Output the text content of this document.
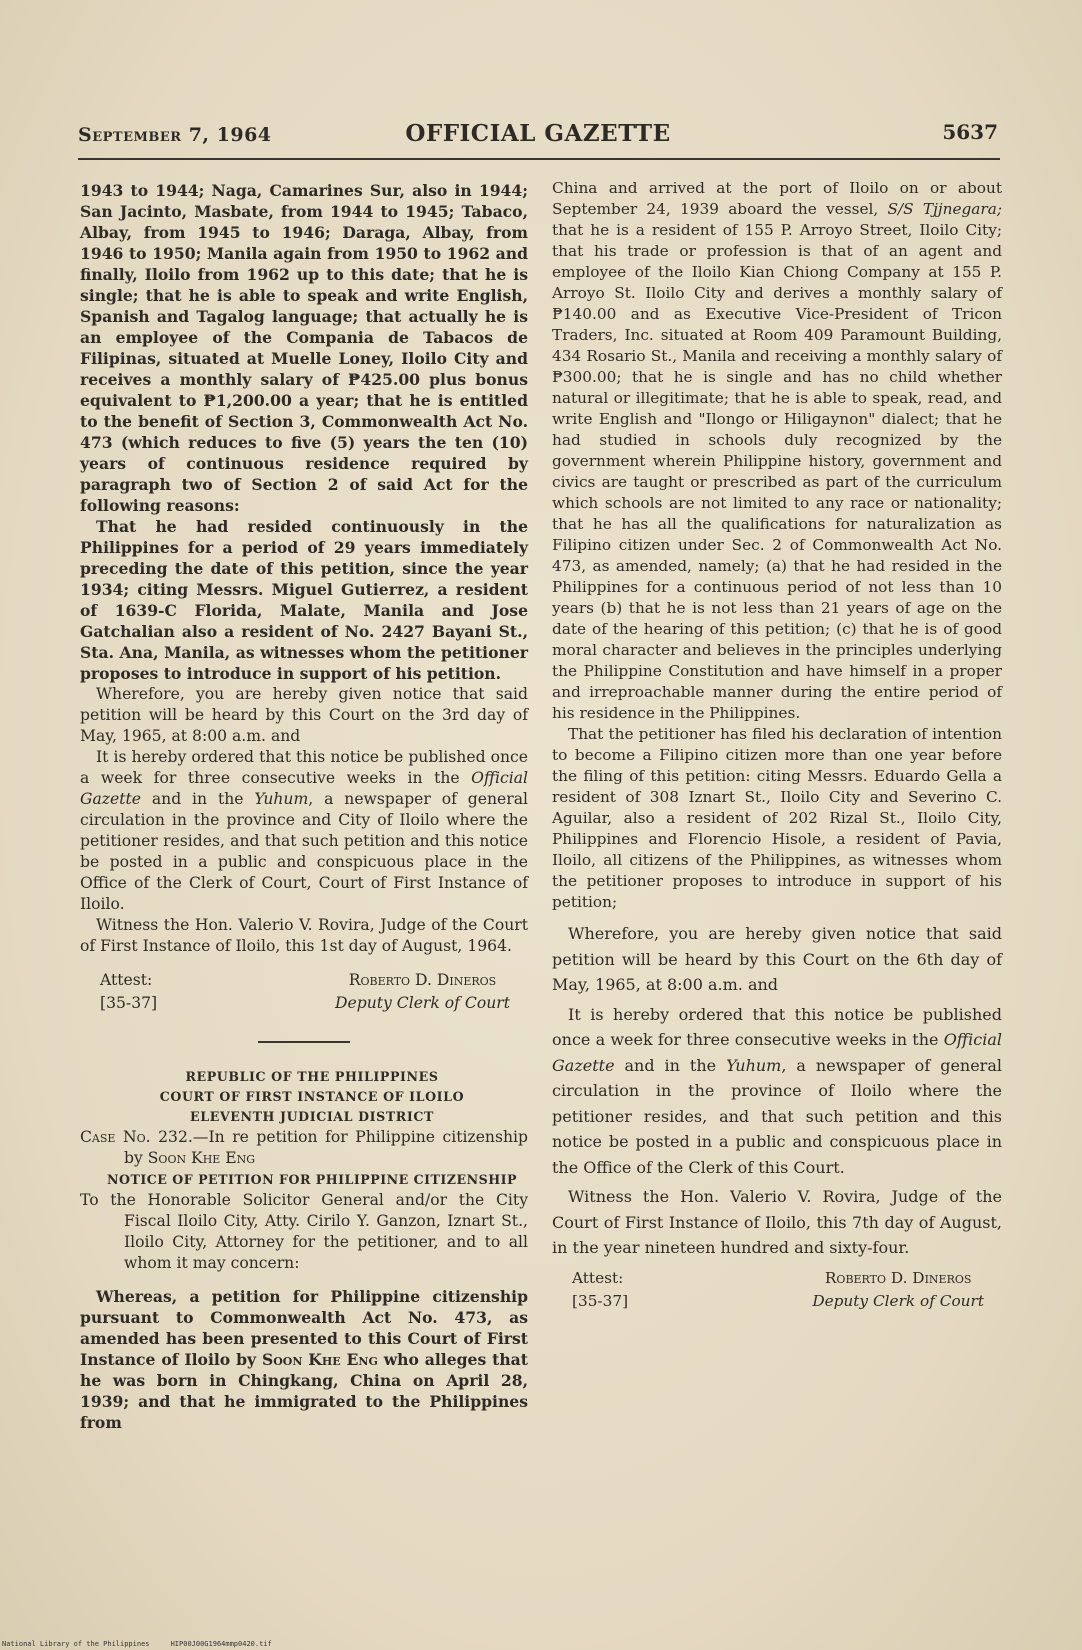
September 7, 1964	OFFICIAL GAZETTE	5637

1943 to 1944; Naga, Camarines Sur, also in 1944; San Jacinto, Masbate, from 1944 to 1945; Tabaco, Albay, from 1945 to 1946; Daraga, Albay, from 1946 to 1950; Manila again from 1950 to 1962 and finally, Iloilo from 1962 up to this date; that he is single; that he is able to speak and write English, Spanish and Tagalog language; that actually he is an employee of the Compania de Tabacos de Filipinas, situated at Muelle Loney, Iloilo City and receives a monthly salary of ₱425.00 plus bonus equivalent to ₱1,200.00 a year; that he is entitled to the benefit of Section 3, Commonwealth Act No. 473 (which reduces to five (5) years the ten (10) years of continuous residence required by paragraph two of Section 2 of said Act for the following reasons:

That he had resided continuously in the Philippines for a period of 29 years immediately preceding the date of this petition, since the year 1934; citing Messrs. Miguel Gutierrez, a resident of 1639-C Florida, Malate, Manila and Jose Gatchalian also a resident of No. 2427 Bayani St., Sta. Ana, Manila, as witnesses whom the petitioner proposes to introduce in support of his petition.

Wherefore, you are hereby given notice that said petition will be heard by this Court on the 3rd day of May, 1965, at 8:00 a.m. and

It is hereby ordered that this notice be published once a week for three consecutive weeks in the Official Gazette and in the Yuhum, a newspaper of general circulation in the province and City of Iloilo where the petitioner resides, and that such petition and this notice be posted in a public and conspicuous place in the Office of the Clerk of Court, Court of First Instance of Iloilo.

Witness the Hon. Valerio V. Rovira, Judge of the Court of First Instance of Iloilo, this 1st day of August, 1964.

Attest:
[35-37]
Roberto D. Dineros
Deputy Clerk of Court

REPUBLIC OF THE PHILIPPINES

COURT OF FIRST INSTANCE OF ILOILO

ELEVENTH JUDICIAL DISTRICT

Case No. 232.—In re petition for Philippine citizenship by Soon Khe Eng

NOTICE OF PETITION FOR PHILIPPINE CITIZENSHIP

To the Honorable Solicitor General and/or the City Fiscal Iloilo City, Atty. Cirilo Y. Ganzon, Iznart St., Iloilo City, Attorney for the petitioner, and to all whom it may concern:

Whereas, a petition for Philippine citizenship pursuant to Commonwealth Act No. 473, as amended has been presented to this Court of First Instance of Iloilo by Soon Khe Eng who alleges that he was born in Chingkang, China on April 28, 1939; and that he immigrated to the Philippines from

China and arrived at the port of Iloilo on or about September 24, 1939 aboard the vessel, S/S Tjjnegara; that he is a resident of 155 P. Arroyo Street, Iloilo City; that his trade or profession is that of an agent and employee of the Iloilo Kian Chiong Company at 155 P. Arroyo St. Iloilo City and derives a monthly salary of ₱140.00 and as Executive Vice-President of Tricon Traders, Inc. situated at Room 409 Paramount Building, 434 Rosario St., Manila and receiving a monthly salary of ₱300.00; that he is single and has no child whether natural or illegitimate; that he is able to speak, read, and write English and "Ilongo or Hiligaynon" dialect; that he had studied in schools duly recognized by the government wherein Philippine history, government and civics are taught or prescribed as part of the curriculum which schools are not limited to any race or nationality; that he has all the qualifications for naturalization as Filipino citizen under Sec. 2 of Commonwealth Act No. 473, as amended, namely; (a) that he had resided in the Philippines for a continuous period of not less than 10 years (b) that he is not less than 21 years of age on the date of the hearing of this petition; (c) that he is of good moral character and believes in the principles underlying the Philippine Constitution and have himself in a proper and irreproachable manner during the entire period of his residence in the Philippines.

That the petitioner has filed his declaration of intention to become a Filipino citizen more than one year before the filing of this petition: citing Messrs. Eduardo Gella a resident of 308 Iznart St., Iloilo City and Severino C. Aguilar, also a resident of 202 Rizal St., Iloilo City, Philippines and Florencio Hisole, a resident of Pavia, Iloilo, all citizens of the Philippines, as witnesses whom the petitioner proposes to introduce in support of his petition;

Wherefore, you are hereby given notice that said petition will be heard by this Court on the 6th day of May, 1965, at 8:00 a.m. and

It is hereby ordered that this notice be published once a week for three consecutive weeks in the Official Gazette and in the Yuhum, a newspaper of general circulation in the province of Iloilo where the petitioner resides, and that such petition and this notice be posted in a public and conspicuous place in the Office of the Clerk of this Court.

Witness the Hon. Valerio V. Rovira, Judge of the Court of First Instance of Iloilo, this 7th day of August, in the year nineteen hundred and sixty-four.

Attest:
[35-37]
Roberto D. Dineros
Deputy Clerk of Court
National Library of the Philippines	HIP00J00G1964mmp0420.tif
